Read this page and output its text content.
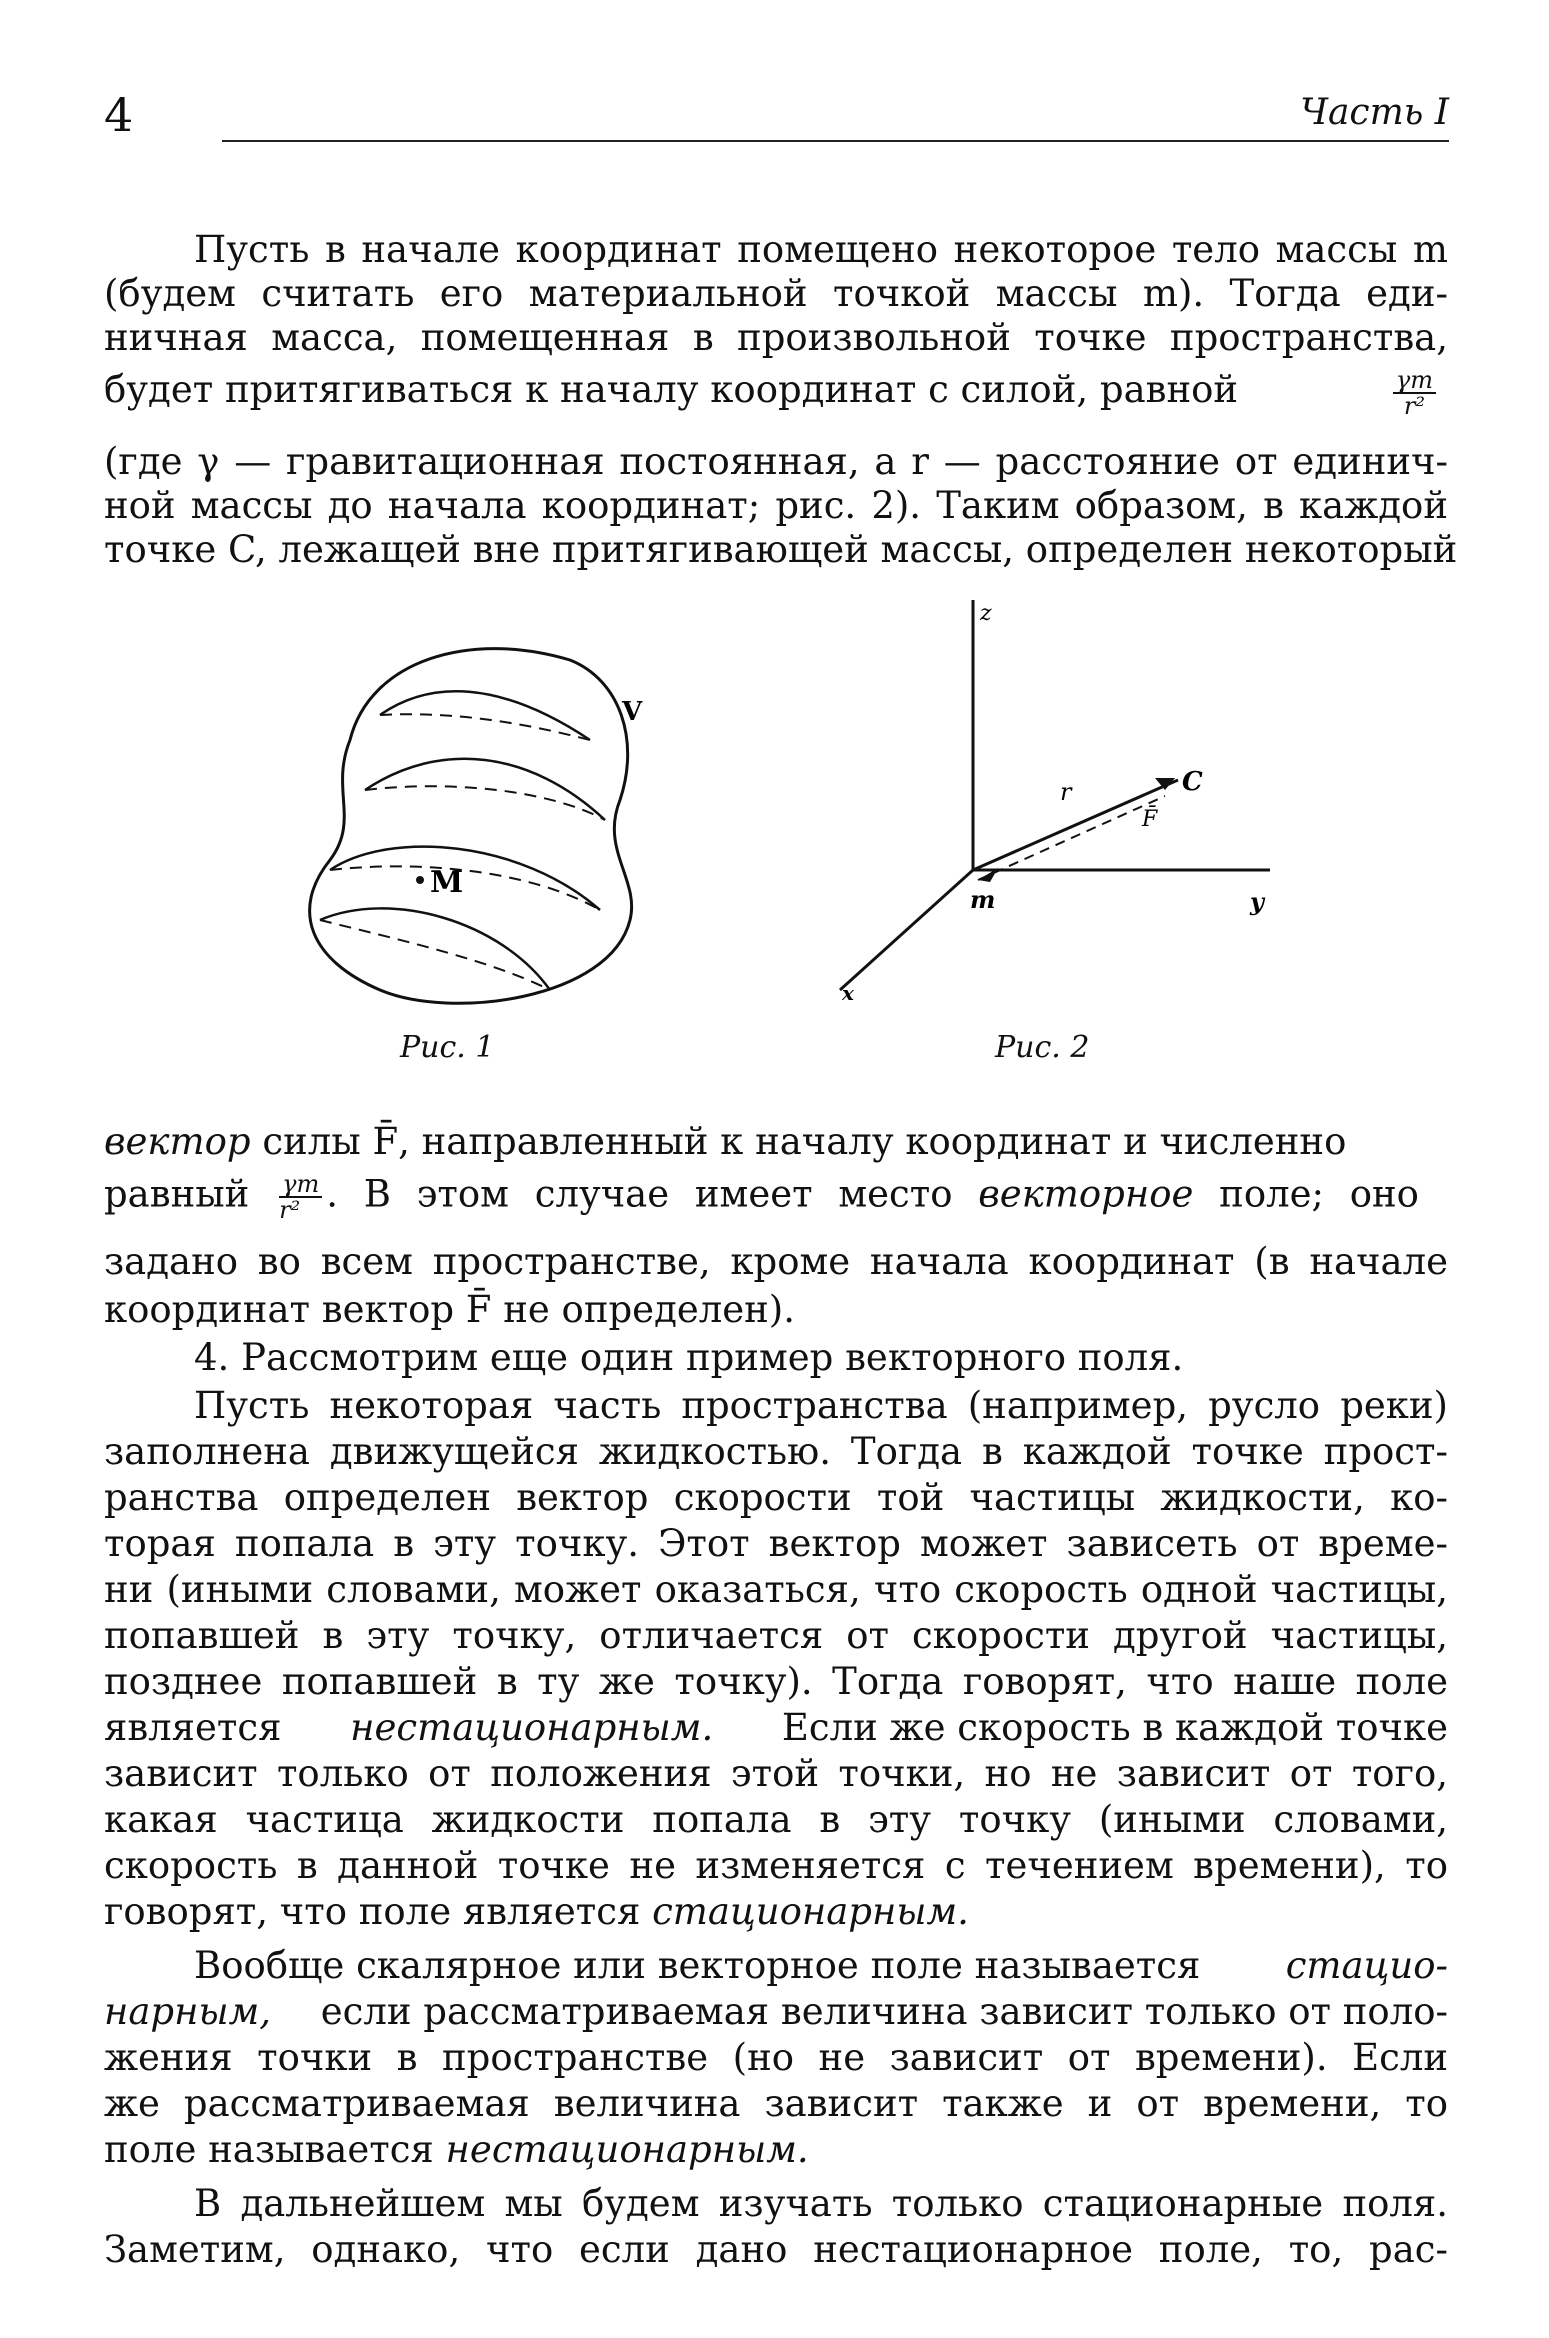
4	Часть I
Пусть в начале координат помещено некоторое тело массы m
(будем считать его материальной точкой массы m). Тогда еди-
ничная масса, помещенная в произвольной точке пространства,
будет притягиваться к началу координат с силой, равной	$\frac{\gamma m}{\text{r²}}$
(где γ — гравитационная постоянная, а r — расстояние от единич-
ной массы до начала координат; рис. 2). Таким образом, в каждой
точке C, лежащей вне притягивающей массы, определен некоторый
M
V
Рис. 1
z
y
x
m
r	C
F̄
Рис. 2
вектор силы F̄, направленный к началу координат и численно
равный $\frac{\gamma m}{\text{r²}}$ . В этом случае имеет место векторное поле; оно
задано во всем пространстве, кроме начала координат (в начале
координат вектор F̄ не определен).
4. Рассмотрим еще один пример векторного поля.
Пусть некоторая часть пространства (например, русло реки)
заполнена движущейся жидкостью. Тогда в каждой точке прост-
ранства определен вектор скорости той частицы жидкости, ко-
торая попала в эту точку. Этот вектор может зависеть от време-
ни (иными словами, может оказаться, что скорость одной частицы,
попавшей в эту точку, отличается от скорости другой частицы,
позднее попавшей в ту же точку). Тогда говорят, что наше поле
является нестационарным. Если же скорость в каждой точке
зависит только от положения этой точки, но не зависит от того,
какая частица жидкости попала в эту точку (иными словами,
скорость в данной точке не изменяется с течением времени), то
говорят, что поле является стационарным.
Вообще скалярное или векторное поле называется стацио-
нарным, если рассматриваемая величина зависит только от поло-
жения точки в пространстве (но не зависит от времени). Если
же рассматриваемая величина зависит также и от времени, то
поле называется нестационарным.
В дальнейшем мы будем изучать только стационарные поля.
Заметим, однако, что если дано нестационарное поле, то, рас-
